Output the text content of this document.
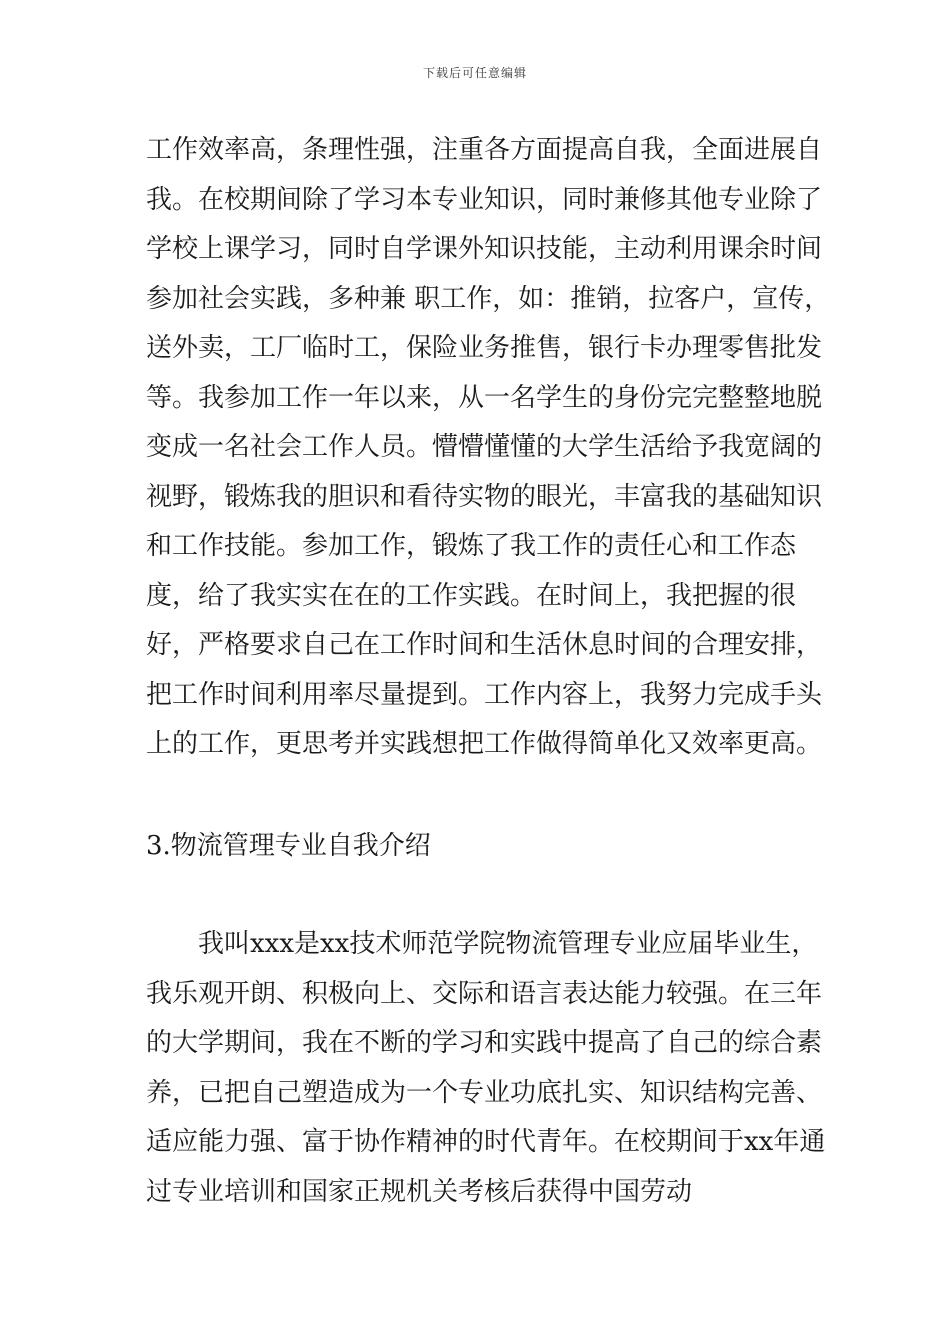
下载后可任意编辑

工作效率高，条理性强，注重各方面提高自我，全面进展自我。在校期间除了学习本专业知识，同时兼修其他专业除了学校上课学习，同时自学课外知识技能，主动利用课余时间参加社会实践，多种兼 职工作，如：推销，拉客户，宣传，送外卖，工厂临时工，保险业务推售，银行卡办理零售批发等。我参加工作一年以来，从一名学生的身份完完整整地脱变成一名社会工作人员。懵懵懂懂的大学生活给予我宽阔的视野，锻炼我的胆识和看待实物的眼光，丰富我的基础知识和工作技能。参加工作，锻炼了我工作的责任心和工作态度，给了我实实在在的工作实践。在时间上，我把握的很好，严格要求自己在工作时间和生活休息时间的合理安排，把工作时间利用率尽量提到。工作内容上，我努力完成手头上的工作，更思考并实践想把工作做得简单化又效率更高。

3.物流管理专业自我介绍

我叫xxx是xx技术师范学院物流管理专业应届毕业生，我乐观开朗、积极向上、交际和语言表达能力较强。在三年的大学期间，我在不断的学习和实践中提高了自己的综合素养，已把自己塑造成为一个专业功底扎实、知识结构完善、适应能力强、富于协作精神的时代青年。在校期间于xx年通过专业培训和国家正规机关考核后获得中国劳动
